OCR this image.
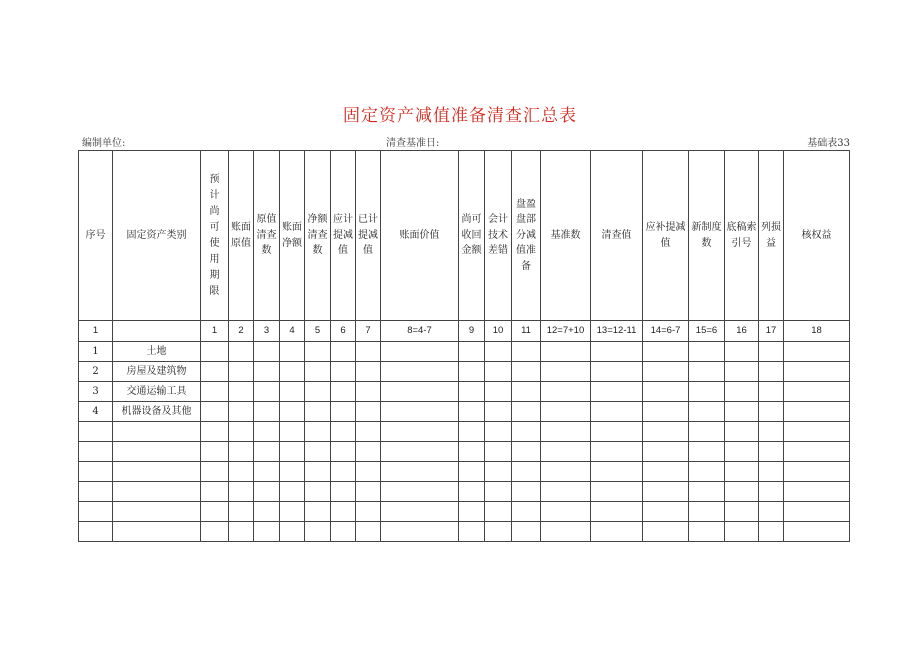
固定资产减值准备清查汇总表
编制单位:	清查基准日:	基础表33
序号	固定资产类别	预计尚可使用期限	账面原值	原值清查数	账面净额	净额清查数	应计提减值	已计提减值	账面价值	尚可收回金额	会计技术差错	盘盈盘部分减值准备	基准数	清查值	应补提减值	新制度数	底稿索引号	列损益	核权益
1		1	2	3	4	5	6	7	8=4-7	9	10	11	12=7+10	13=12-11	14=6-7	15=6	16	17	18
1	土地																		
2	房屋及建筑物																		
3	交通运输工具																		
4	机器设备及其他																		
